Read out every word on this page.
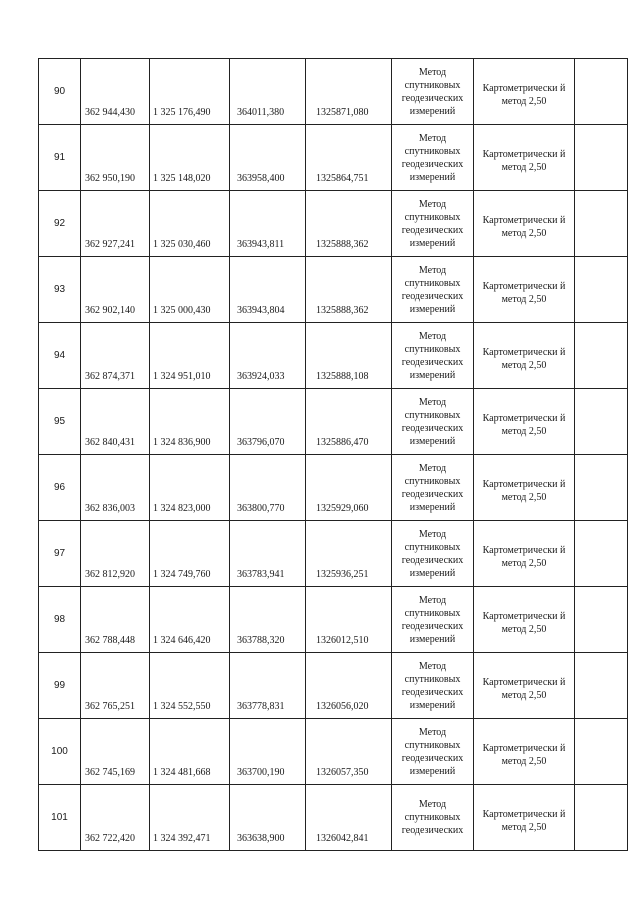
90	362 944,430	1 325 176,490	364011,380	1325871,080	Метод спутниковых геодезических измерений	Картометрически й метод 2,50	

91	362 950,190	1 325 148,020	363958,400	1325864,751	Метод спутниковых геодезических измерений	Картометрически й метод 2,50	

92	362 927,241	1 325 030,460	363943,811	1325888,362	Метод спутниковых геодезических измерений	Картометрически й метод 2,50	

93	362 902,140	1 325 000,430	363943,804	1325888,362	Метод спутниковых геодезических измерений	Картометрически й метод 2,50	

94	362 874,371	1 324 951,010	363924,033	1325888,108	Метод спутниковых геодезических измерений	Картометрически й метод 2,50	

95	362 840,431	1 324 836,900	363796,070	1325886,470	Метод спутниковых геодезических измерений	Картометрически й метод 2,50	

96	362 836,003	1 324 823,000	363800,770	1325929,060	Метод спутниковых геодезических измерений	Картометрически й метод 2,50	

97	362 812,920	1 324 749,760	363783,941	1325936,251	Метод спутниковых геодезических измерений	Картометрически й метод 2,50	

98	362 788,448	1 324 646,420	363788,320	1326012,510	Метод спутниковых геодезических измерений	Картометрически й метод 2,50	

99	362 765,251	1 324 552,550	363778,831	1326056,020	Метод спутниковых геодезических измерений	Картометрически й метод 2,50	

100	362 745,169	1 324 481,668	363700,190	1326057,350	Метод спутниковых геодезических измерений	Картометрически й метод 2,50	

101	362 722,420	1 324 392,471	363638,900	1326042,841	Метод спутниковых геодезических	Картометрически й метод 2,50	
